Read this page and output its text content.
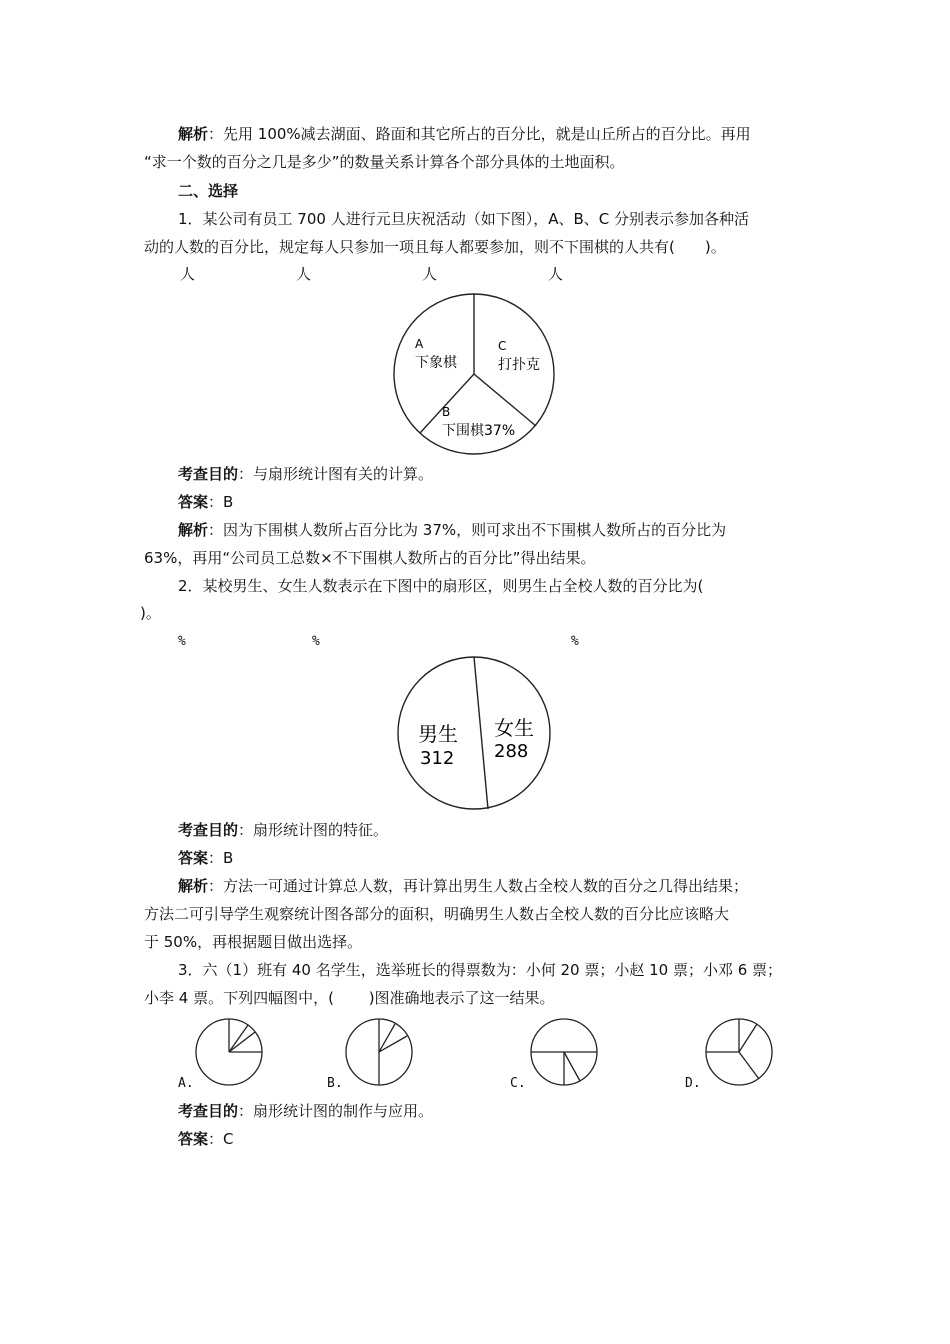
解析：先用 100%减去湖面、路面和其它所占的百分比，就是山丘所占的百分比。再用
“求一个数的百分之几是多少”的数量关系计算各个部分具体的土地面积。
二、选择
1．某公司有员工 700 人进行元旦庆祝活动（如下图），A、B、C 分别表示参加各种活
动的人数的百分比，规定每人只参加一项且每人都要参加，则不下围棋的人共有(　　)。
人	人	人	人
A
下象棋
C
打扑克
B
下围棋37%
考查目的：与扇形统计图有关的计算。
答案：B
解析：因为下围棋人数所占百分比为 37%，则可求出不下围棋人数所占的百分比为
63%，再用“公司员工总数×不下围棋人数所占的百分比”得出结果。
2．某校男生、女生人数表示在下图中的扇形区，则男生占全校人数的百分比为(
)。
%	%	%
男生
312
女生
288
考查目的：扇形统计图的特征。
答案：B
解析：方法一可通过计算总人数，再计算出男生人数占全校人数的百分之几得出结果；
方法二可引导学生观察统计图各部分的面积，明确男生人数占全校人数的百分比应该略大
于 50%，再根据题目做出选择。
3．六（1）班有 40 名学生，选举班长的得票数为：小何 20 票；小赵 10 票；小邓 6 票；
小李 4 票。下列四幅图中，(　　 )图准确地表示了这一结果。
A.	B.	C.	D.
考查目的：扇形统计图的制作与应用。
答案：C
